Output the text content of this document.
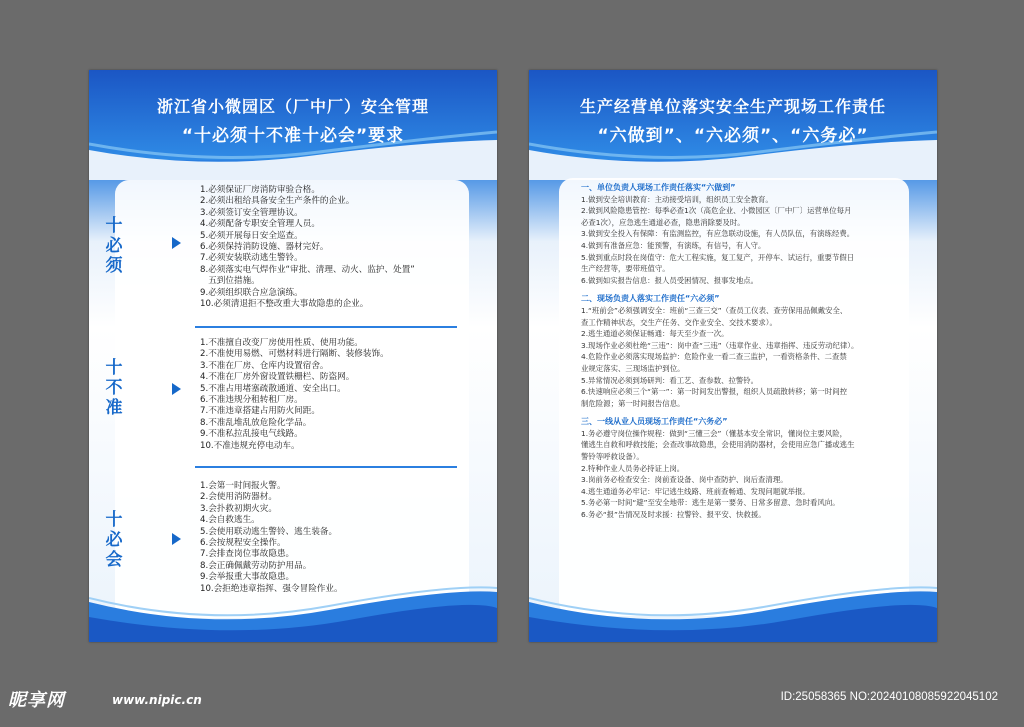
浙江省小微园区（厂中厂）安全管理
“十必须十不准十必会”要求
十必须
1.必须保证厂房消防审验合格。
2.必须出租给具备安全生产条件的企业。
3.必须签订安全管理协议。
4.必须配备专职安全管理人员。
5.必须开展每日安全巡查。
6.必须保持消防设施、器材完好。
7.必须安装联动逃生警铃。
8.必须落实电气焊作业“审批、清理、动火、监护、处置”
五到位措施。
9.必须组织联合应急演练。
10.必须清退拒不整改重大事故隐患的企业。
十不准
1.不准擅自改变厂房使用性质、使用功能。
2.不准使用易燃、可燃材料进行隔断、装修装饰。
3.不准在厂房、仓库内设置宿舍。
4.不准在厂房外窗设置铁栅栏、防盗网。
5.不准占用堵塞疏散通道、安全出口。
6.不准违规分租转租厂房。
7.不准违章搭建占用防火间距。
8.不准乱堆乱放危险化学品。
9.不准私拉乱接电气线路。
10.不准违规充停电动车。
十必会
1.会第一时间报火警。
2.会使用消防器材。
3.会扑救初期火灾。
4.会自救逃生。
5.会使用联动逃生警铃、逃生装备。
6.会按规程安全操作。
7.会排查岗位事故隐患。
8.会正确佩戴劳动防护用品。
9.会举报重大事故隐患。
10.会拒绝违章指挥、强令冒险作业。
生产经营单位落实安全生产现场工作责任
“六做到”、“六必须”、“六务必”
一、单位负责人现场工作责任落实“六做到”
1.做到安全培训教育：主动接受培训，组织员工安全教育。
2.做到风险隐患管控：每季必查1次（高危企业、小微园区〔厂中厂〕运营单位每月
必查1次），应急逃生通道必查，隐患消除要及时。
3.做到安全投入有保障：有监测监控，有应急联动设施，有人员队伍，有演练经费。
4.做到有准备应急：能预警，有演练，有信号，有人守。
5.做到重点时段在岗值守：危大工程实施，复工复产，开停车、试运行，重要节假日
生产经营等，要带班值守。
6.做到如实报告信息：报人员受困情况、报事发地点。
二、现场负责人落实工作责任“六必须”
1.“班前会”必须强调安全：班前“三查三交”（查员工仪表、查劳保用品佩戴安全、
查工作精神状态，交生产任务、交作业安全、交技术要求）。
2.逃生通道必须保证畅通：每天至少查一次。
3.现场作业必须杜绝“三违”：岗中查“三违”（违章作业、违章指挥、违反劳动纪律）。
4.危险作业必须落实现场监护：危险作业一看二查三监护，一看资格条件、二查禁
业规定落实、三现场监护到位。
5.异常情况必须到场研判：看工艺、查参数、拉警铃。
6.快速响应必须三个“第一”：第一时间发出警报，组织人员疏散转移；第一时间控
制危险源；第一时间报告信息。
三、一线从业人员现场工作责任“六务必”
1.务必遵守岗位操作规程：做到“三懂三会”（懂基本安全常识，懂岗位主要风险，
懂逃生自救和呼救技能；会查改事故隐患，会使用消防器材，会使用应急广播或逃生
警铃等呼救设备）。
2.特种作业人员务必持证上岗。
3.岗前务必检查安全：岗前查设备、岗中查防护、岗后查清理。
4.逃生通道务必牢记：牢记逃生线路、班前查畅通、发现问题就举报。
5.务必第一时间“避”至安全地带：逃生是第一要务、日常多留意、急时看风向。
6.务必“报”告情况及时求援：拉警铃、报平安、快救援。
昵享网	www.nipic.cn	ID:25058365 NO:20240108085922045102
